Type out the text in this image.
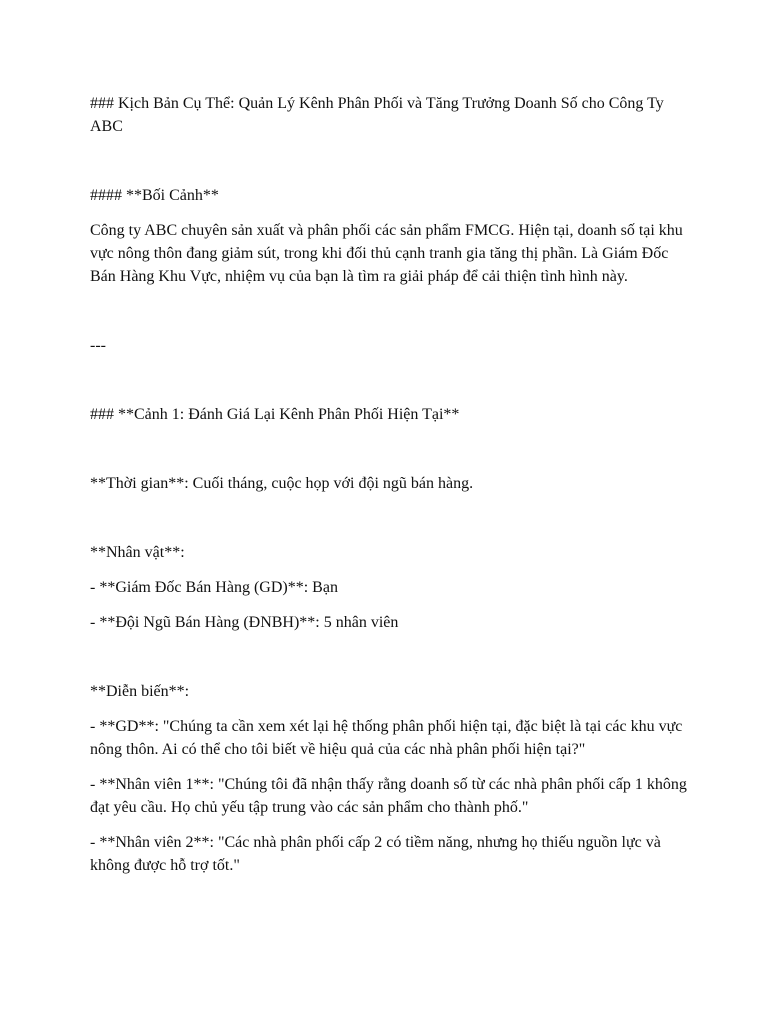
### Kịch Bản Cụ Thể: Quản Lý Kênh Phân Phối và Tăng Trưởng Doanh Số cho Công Ty ABC

#### **Bối Cảnh**

Công ty ABC chuyên sản xuất và phân phối các sản phẩm FMCG. Hiện tại, doanh số tại khu vực nông thôn đang giảm sút, trong khi đối thủ cạnh tranh gia tăng thị phần. Là Giám Đốc Bán Hàng Khu Vực, nhiệm vụ của bạn là tìm ra giải pháp để cải thiện tình hình này.

---

### **Cảnh 1: Đánh Giá Lại Kênh Phân Phối Hiện Tại**

**Thời gian**: Cuối tháng, cuộc họp với đội ngũ bán hàng.

**Nhân vật**:

- **Giám Đốc Bán Hàng (GD)**: Bạn

- **Đội Ngũ Bán Hàng (ĐNBH)**: 5 nhân viên

**Diễn biến**:

- **GD**: "Chúng ta cần xem xét lại hệ thống phân phối hiện tại, đặc biệt là tại các khu vực nông thôn. Ai có thể cho tôi biết về hiệu quả của các nhà phân phối hiện tại?"

- **Nhân viên 1**: "Chúng tôi đã nhận thấy rằng doanh số từ các nhà phân phối cấp 1 không đạt yêu cầu. Họ chủ yếu tập trung vào các sản phẩm cho thành phố."

- **Nhân viên 2**: "Các nhà phân phối cấp 2 có tiềm năng, nhưng họ thiếu nguồn lực và không được hỗ trợ tốt."
